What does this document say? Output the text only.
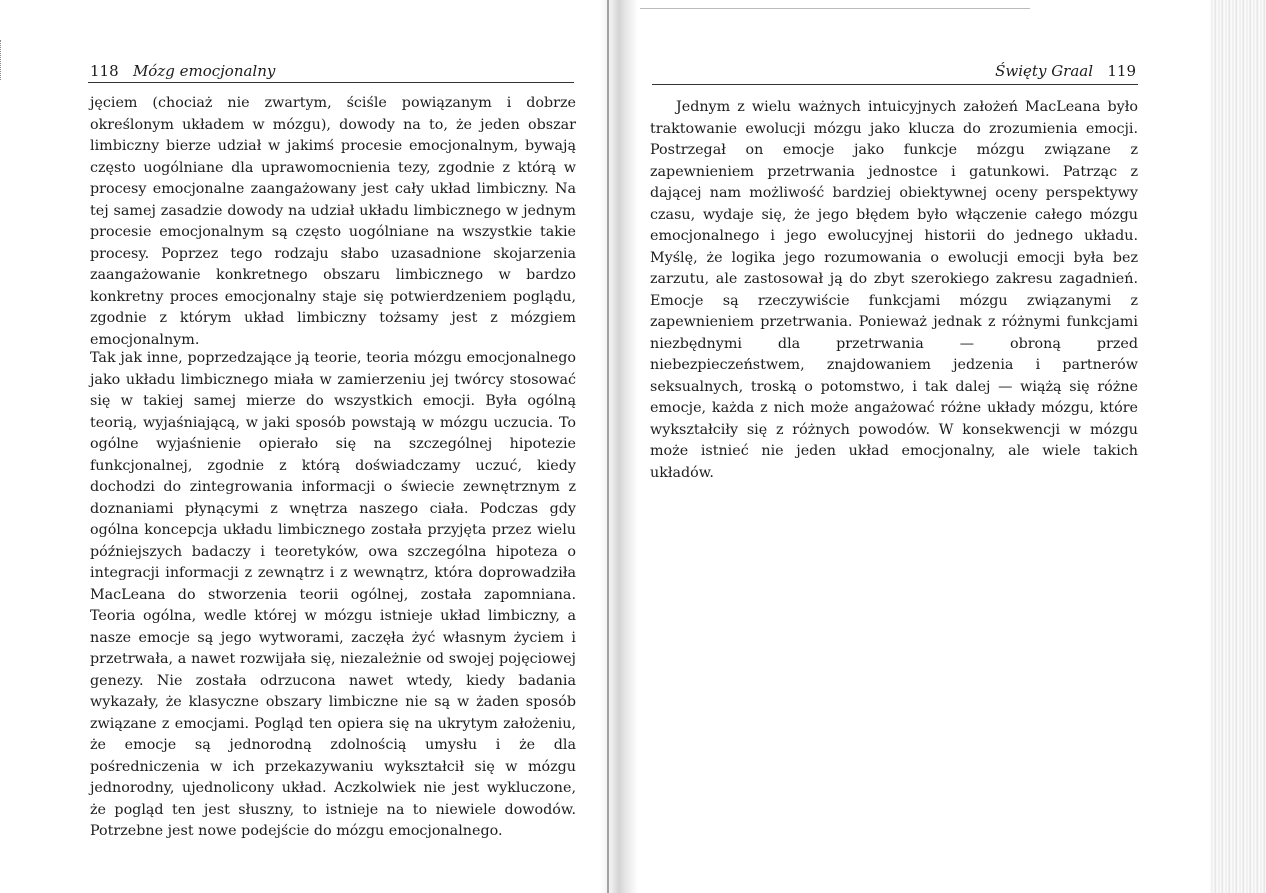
118 Mózg emocjonalny

jęciem (chociaż nie zwartym, ściśle powiązanym i dobrze określonym układem w mózgu), dowody na to, że jeden obszar limbiczny bierze udział w jakimś procesie emocjonalnym, bywają często uogólniane dla uprawomocnienia tezy, zgodnie z którą w procesy emocjonalne zaangażowany jest cały układ limbiczny. Na tej samej zasadzie dowody na udział układu limbicznego w jednym procesie emocjonalnym są często uogólniane na wszystkie takie procesy. Poprzez tego rodzaju słabo uzasadnione skojarzenia zaangażowanie konkretnego obszaru limbicznego w bardzo konkretny proces emocjonalny staje się potwierdzeniem poglądu, zgodnie z którym układ limbiczny tożsamy jest z mózgiem emocjonalnym.

Tak jak inne, poprzedzające ją teorie, teoria mózgu emocjonalnego jako układu limbicznego miała w zamierzeniu jej twórcy stosować się w takiej samej mierze do wszystkich emocji. Była ogólną teorią, wyjaśniającą, w jaki sposób powstają w mózgu uczucia. To ogólne wyjaśnienie opierało się na szczególnej hipotezie funkcjonalnej, zgodnie z którą doświadczamy uczuć, kiedy dochodzi do zintegrowania informacji o świecie zewnętrznym z doznaniami płynącymi z wnętrza naszego ciała. Podczas gdy ogólna koncepcja układu limbicznego została przyjęta przez wielu późniejszych badaczy i teoretyków, owa szczególna hipoteza o integracji informacji z zewnątrz i z wewnątrz, która doprowadziła MacLeana do stworzenia teorii ogólnej, została zapomniana. Teoria ogólna, wedle której w mózgu istnieje układ limbiczny, a nasze emocje są jego wytworami, zaczęła żyć własnym życiem i przetrwała, a nawet rozwijała się, niezależnie od swojej pojęciowej genezy. Nie została odrzucona nawet wtedy, kiedy badania wykazały, że klasyczne obszary limbiczne nie są w żaden sposób związane z emocjami. Pogląd ten opiera się na ukrytym założeniu, że emocje są jednorodną zdolnością umysłu i że dla pośredniczenia w ich przekazywaniu wykształcił się w mózgu jednorodny, ujednolicony układ. Aczkolwiek nie jest wykluczone, że pogląd ten jest słuszny, to istnieje na to niewiele dowodów. Potrzebne jest nowe podejście do mózgu emocjonalnego.

Święty Graal 119

Jednym z wielu ważnych intuicyjnych założeń MacLeana było traktowanie ewolucji mózgu jako klucza do zrozumienia emocji. Postrzegał on emocje jako funkcje mózgu związane z zapewnieniem przetrwania jednostce i gatunkowi. Patrząc z dającej nam możliwość bardziej obiektywnej oceny perspektywy czasu, wydaje się, że jego błędem było włączenie całego mózgu emocjonalnego i jego ewolucyjnej historii do jednego układu. Myślę, że logika jego rozumowania o ewolucji emocji była bez zarzutu, ale zastosował ją do zbyt szerokiego zakresu zagadnień. Emocje są rzeczywiście funkcjami mózgu związanymi z zapewnieniem przetrwania. Ponieważ jednak z różnymi funkcjami niezbędnymi dla przetrwania — obroną przed niebezpieczeństwem, znajdowaniem jedzenia i partnerów seksualnych, troską o potomstwo, i tak dalej — wiążą się różne emocje, każda z nich może angażować różne układy mózgu, które wykształciły się z różnych powodów. W konsekwencji w mózgu może istnieć nie jeden układ emocjonalny, ale wiele takich układów.
